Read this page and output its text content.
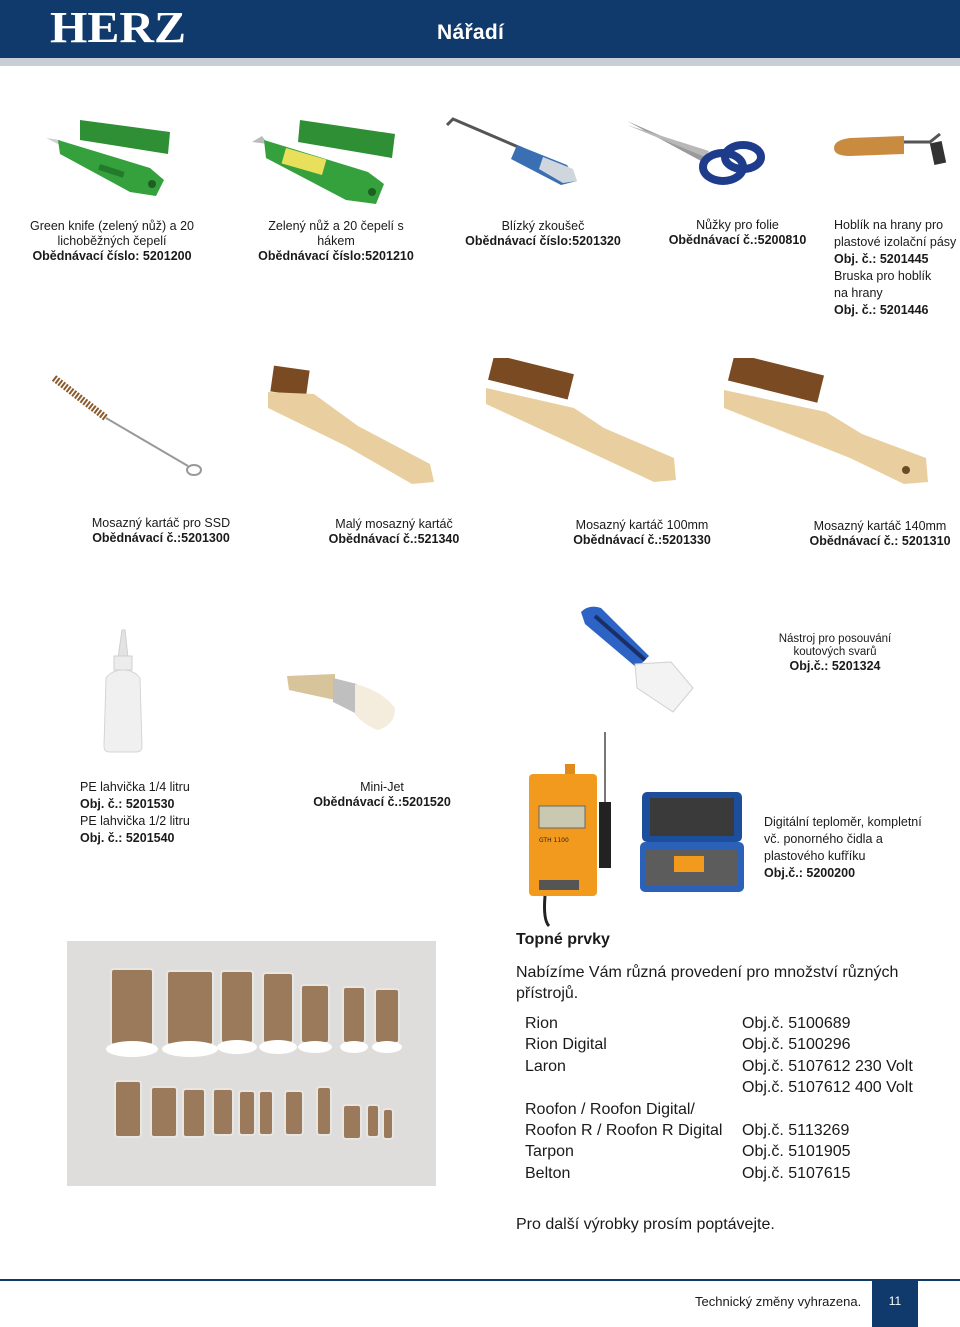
HERZ	Nářadí
Green knife (zelený nůž) a 20
lichoběžných čepelí
Obědnávací číslo: 5201200
Zelený nůž a 20 čepelí s
hákem
Obědnávací číslo:5201210
Blízký zkoušeč
Obědnávací číslo:5201320
Nůžky pro folie
Obědnávací č.:5200810
Hoblík na hrany pro
plastové izolační pásy
Obj. č.: 5201445
Bruska pro hoblík
na hrany
Obj. č.: 5201446
Mosazný kartáč pro SSD
Obědnávací č.:5201300
Malý mosazný kartáč
Obědnávací č.:521340
Mosazný kartáč 100mm
Obědnávací č.:5201330
Mosazný kartáč 140mm
Obědnávací č.: 5201310
Nástroj pro posouvání
koutových svarů
Obj.č.: 5201324
PE lahvička 1/4 litru
Obj. č.: 5201530
PE lahvička 1/2 litru
Obj. č.: 5201540
Mini-Jet
Obědnávací č.:5201520
GTH 1100
Digitální teploměr, kompletní
vč. ponorného čidla a
plastového kufříku
Obj.č.: 5200200
Topné prvky
Nabízíme Vám různá provedení pro množství různých přístrojů.
Rion	Obj.č. 5100689
Rion Digital	Obj.č. 5100296
Laron	Obj.č. 5107612 230 Volt
Obj.č. 5107612 400 Volt
Roofon / Roofon Digital/
Roofon R / Roofon R Digital Obj.č. 5113269
Tarpon	Obj.č. 5101905
Belton	Obj.č. 5107615
Pro další výrobky prosím poptávejte.
Technický změny vyhrazena.	11
